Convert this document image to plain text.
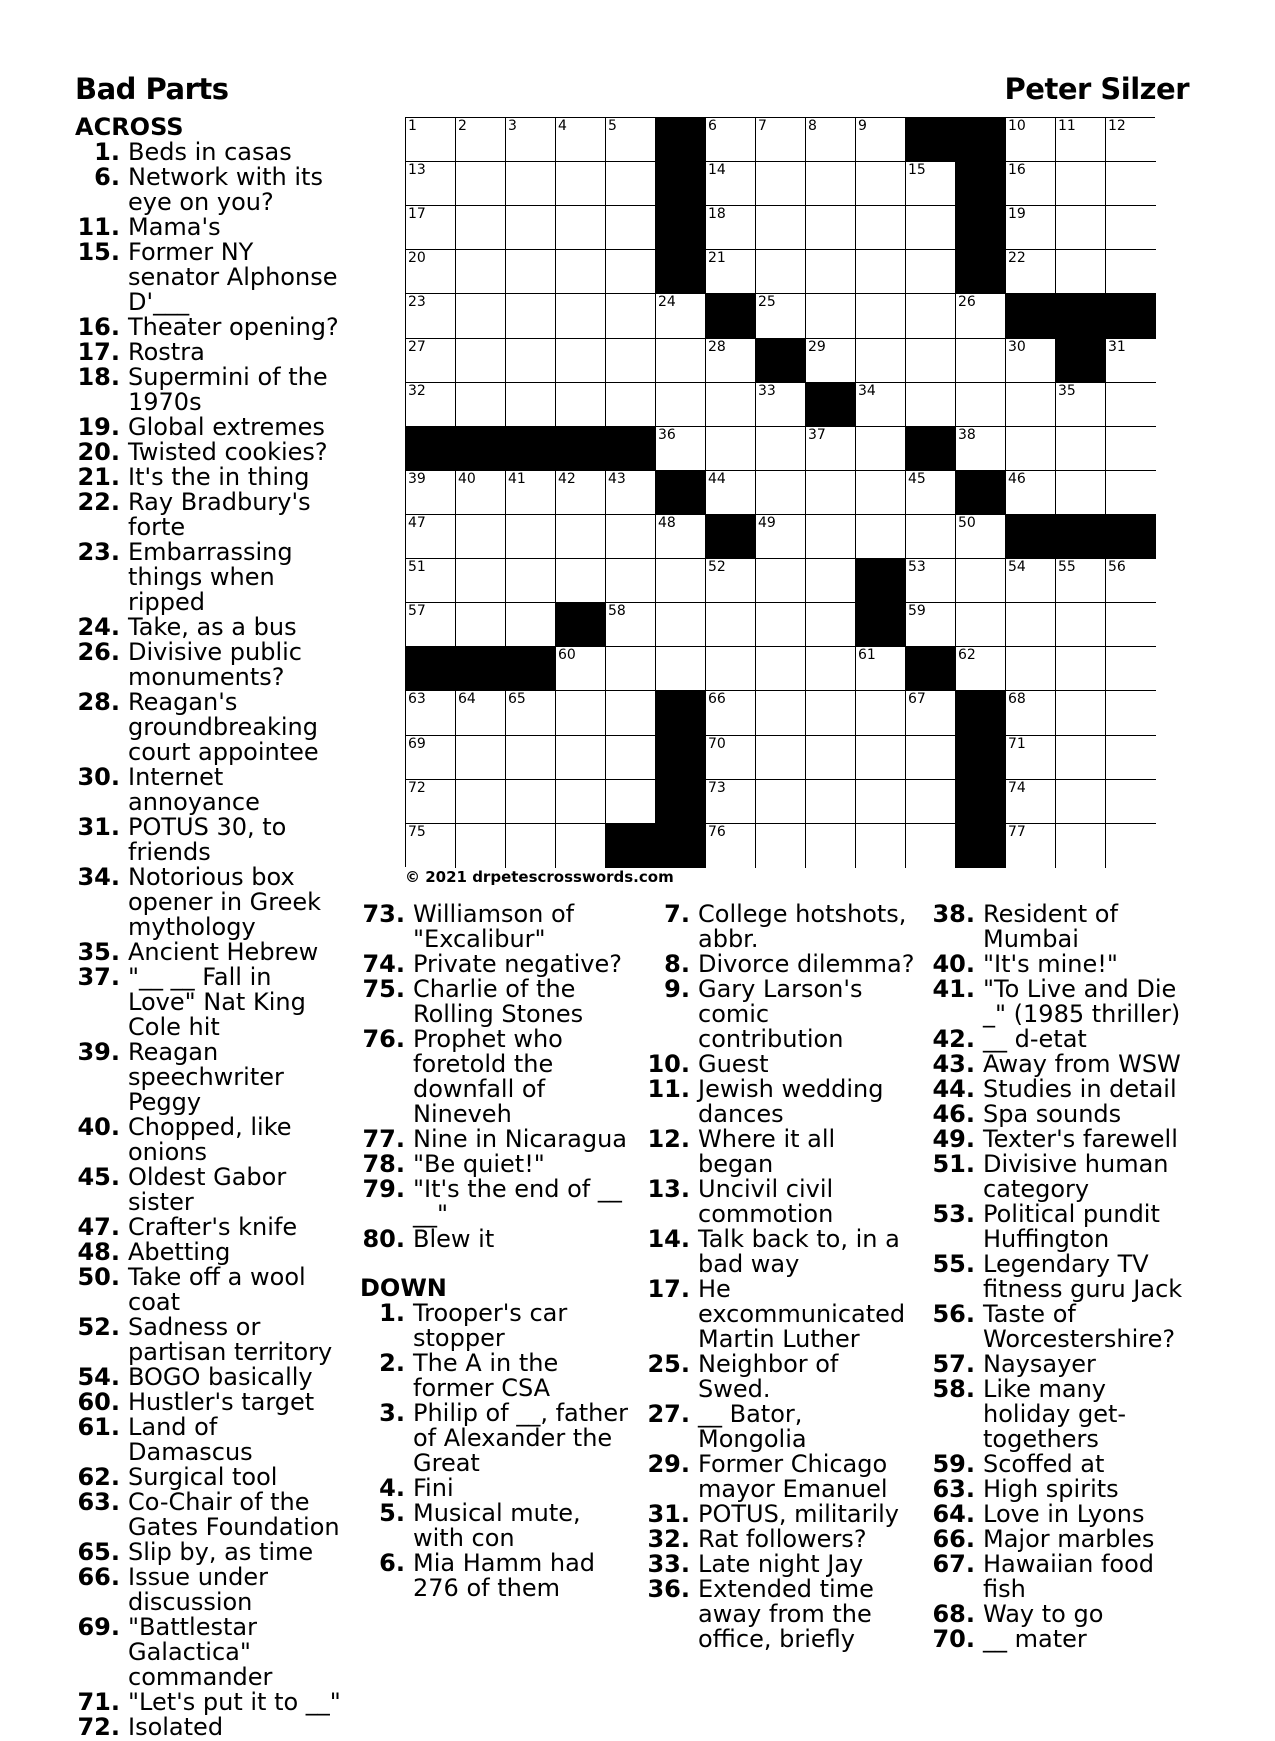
Bad Parts	Peter Silzer
1	2	3	4	5	6	7	8	9	10 11 12
13	14	15	16
17	18	19
20	21	22
23	24	25	26
27	28	29	30	31
32	33	34	35
36	37	38
39 40 41 42 43	44	45	46
47	48	49	50
51	52	53	54 55 56
57	58	59
60	61	62
63 64 65	66	67	68
69	70	71
72	73	74
75	76	77
© 2021 drpetescrosswords.com
ACROSS
1. Beds in casas
6. Network with its eye on you?
11. Mama's
15. Former NY senator Alphonse D'___
16. Theater opening?
17. Rostra
18. Supermini of the 1970s
19. Global extremes
20. Twisted cookies?
21. It's the in thing
22. Ray Bradbury's forte
23. Embarrassing things when ripped
24. Take, as a bus
26. Divisive public monuments?
28. Reagan's groundbreaking court appointee
30. Internet annoyance
31. POTUS 30, to friends
34. Notorious box opener in Greek mythology
35. Ancient Hebrew
37. "__ __ Fall in Love" Nat King Cole hit
39. Reagan speechwriter Peggy
40. Chopped, like onions
45. Oldest Gabor sister
47. Crafter's knife
48. Abetting
50. Take off a wool coat
52. Sadness or partisan territory
54. BOGO basically
60. Hustler's target
61. Land of Damascus
62. Surgical tool
63. Co-Chair of the Gates Foundation
65. Slip by, as time
66. Issue under discussion
69. "Battlestar Galactica" commander
71. "Let's put it to __"
72. Isolated
73. Williamson of "Excalibur"
74. Private negative?
75. Charlie of the Rolling Stones
76. Prophet who foretold the downfall of Nineveh
77. Nine in Nicaragua
78. "Be quiet!"
79. "It's the end of __ __"
80. Blew it
DOWN
1. Trooper's car stopper
2. The A in the former CSA
3. Philip of __, father of Alexander the Great
4. Fini
5. Musical mute, with con
6. Mia Hamm had 276 of them
7. College hotshots, abbr.
8. Divorce dilemma?
9. Gary Larson's comic contribution
10. Guest
11. Jewish wedding dances
12. Where it all began
13. Uncivil civil commotion
14. Talk back to, in a bad way
17. He excommunicated Martin Luther
25. Neighbor of Swed.
27. __ Bator, Mongolia
29. Former Chicago mayor Emanuel
31. POTUS, militarily
32. Rat followers?
33. Late night Jay
36. Extended time away from the office, briefly
38. Resident of Mumbai
40. "It's mine!"
41. "To Live and Die _" (1985 thriller)
42. __ d-etat
43. Away from WSW
44. Studies in detail
46. Spa sounds
49. Texter's farewell
51. Divisive human category
53. Political pundit Huffington
55. Legendary TV fitness guru Jack
56. Taste of Worcestershire?
57. Naysayer
58. Like many holiday get-togethers
59. Scoffed at
63. High spirits
64. Love in Lyons
66. Major marbles
67. Hawaiian food fish
68. Way to go
70. __ mater
